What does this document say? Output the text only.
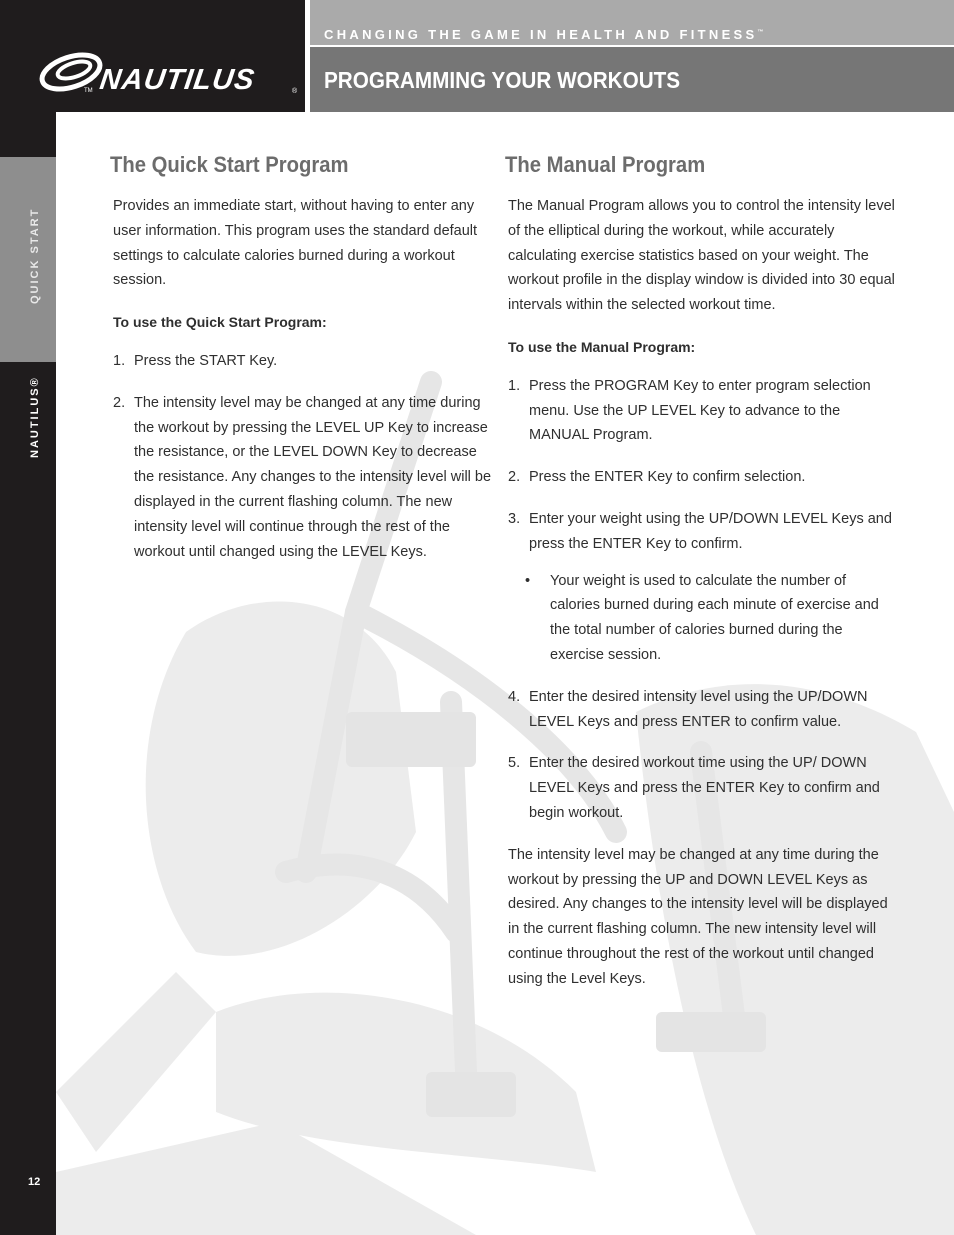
NAUTILUS
TM	®
CHANGING THE GAME IN HEALTH AND FITNESS™
PROGRAMMING YOUR WORKOUTS
QUICK START
NAUTILUS®
12
The Quick Start Program

Provides an immediate start, without having to enter any user information. This program uses the standard default settings to calculate calories burned during a workout session.

To use the Quick Start Program:
1. Press the START Key.
2. The intensity level may be changed at any time during the workout by pressing the LEVEL UP Key to increase the resistance, or the LEVEL DOWN Key to decrease the resistance. Any changes to the intensity level will be displayed in the current flashing column. The new intensity level will continue through the rest of the workout until changed using the LEVEL Keys.
The Manual Program

The Manual Program allows you to control the intensity level of the elliptical during the workout, while accurately calculating exercise statistics based on your weight. The workout profile in the display window is divided into 30 equal intervals within the selected workout time.

To use the Manual Program:
1. Press the PROGRAM Key to enter program selection menu. Use the UP LEVEL Key to advance to the MANUAL Program.
2. Press the ENTER Key to confirm selection.
3. Enter your weight using the UP/DOWN LEVEL Keys and press the ENTER Key to confirm.
• Your weight is used to calculate the number of calories burned during each minute of exercise and the total number of calories burned during the exercise session.
4. Enter the desired intensity level using the UP/DOWN LEVEL Keys and press ENTER to confirm value.
5. Enter the desired workout time using the UP/ DOWN LEVEL Keys and press the ENTER Key to confirm and begin workout.

The intensity level may be changed at any time during the workout by pressing the UP and DOWN LEVEL Keys as desired. Any changes to the intensity level will be displayed in the current flashing column. The new intensity level will continue throughout the rest of the workout until changed using the Level Keys.
